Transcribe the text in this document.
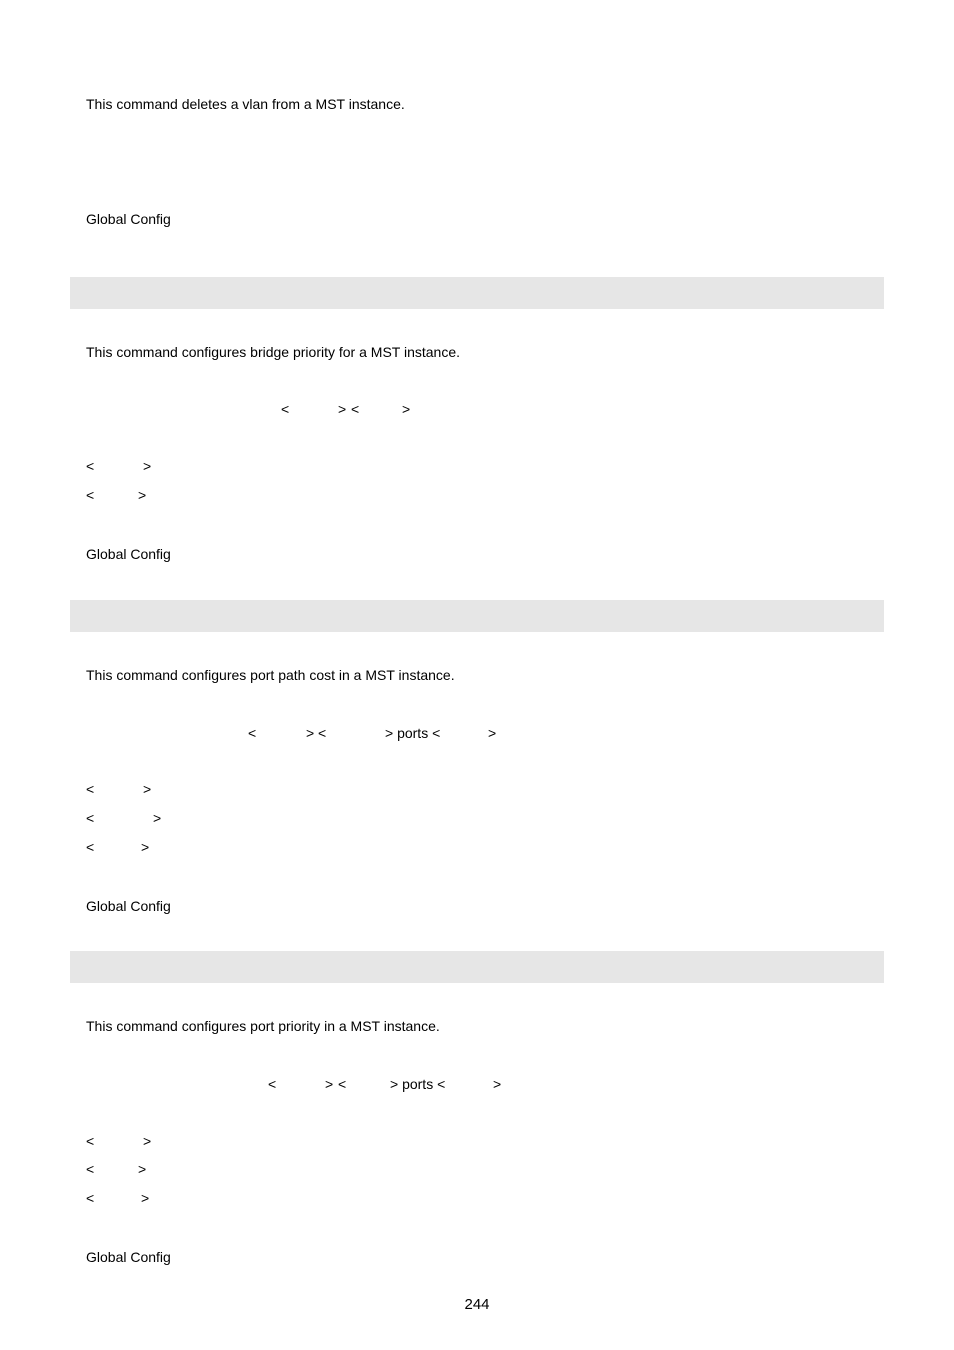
This command deletes a vlan from a MST instance.
Global Config
This command configures bridge priority for a MST instance.
<	> <	>
<	>
<	>
Global Config
This command configures port path cost in a MST instance.
<	> <	> ports <	>
<	>
<	>
<	>
Global Config
This command configures port priority in a MST instance.
<	> <	> ports <	>
<	>
<	>
<	>
Global Config
244
